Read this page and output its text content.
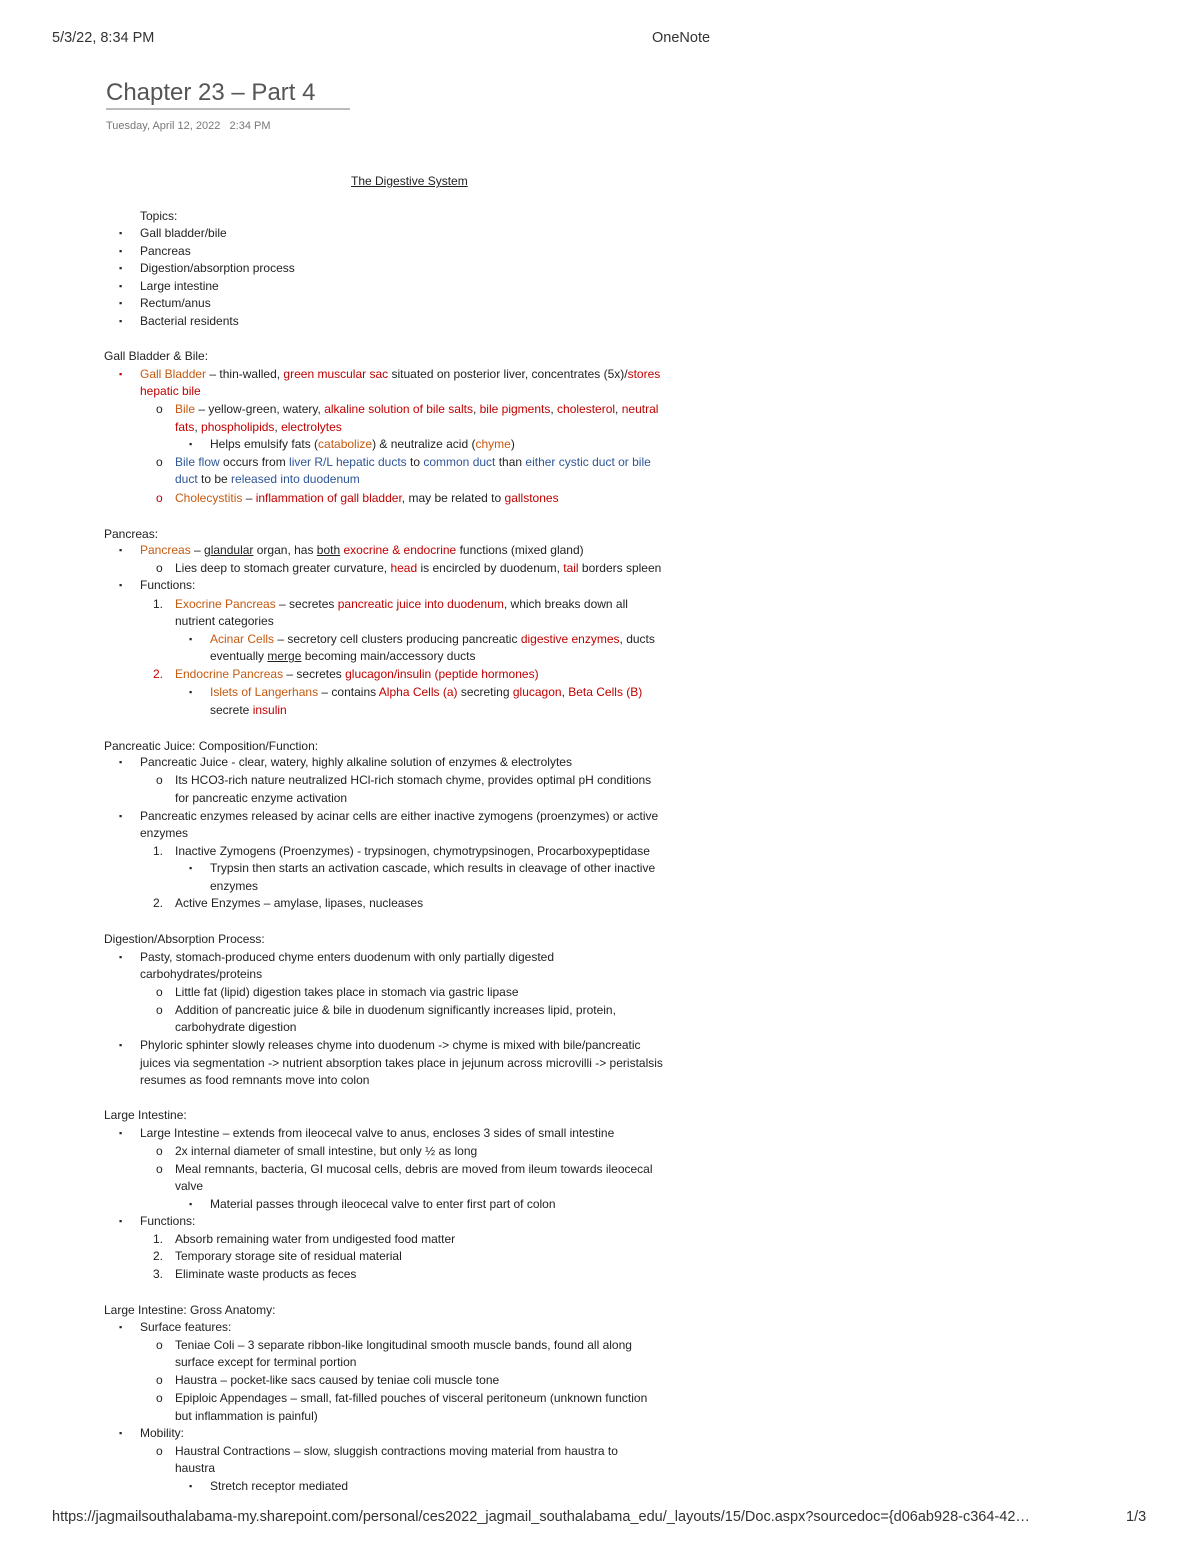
5/3/22, 8:34 PM	OneNote
Chapter 23 – Part 4
Tuesday, April 12, 2022 2:34 PM
The Digestive System
Topics:
▪ Gall bladder/bile
▪ Pancreas
▪ Digestion/absorption process
▪ Large intestine
▪ Rectum/anus
▪ Bacterial residents
Gall Bladder & Bile:
▪ Gall Bladder – thin-walled, green muscular sac situated on posterior liver, concentrates (5x)/stores
hepatic bile
o Bile – yellow-green, watery, alkaline solution of bile salts, bile pigments, cholesterol, neutral
fats, phospholipids, electrolytes
▪ Helps emulsify fats (catabolize) & neutralize acid (chyme)
o Bile flow occurs from liver R/L hepatic ducts to common duct than either cystic duct or bile
duct to be released into duodenum
o Cholecystitis – inflammation of gall bladder, may be related to gallstones
Pancreas:
▪ Pancreas – glandular organ, has both exocrine & endocrine functions (mixed gland)
o Lies deep to stomach greater curvature, head is encircled by duodenum, tail borders spleen
▪ Functions:
1. Exocrine Pancreas – secretes pancreatic juice into duodenum, which breaks down all
nutrient categories
▪ Acinar Cells – secretory cell clusters producing pancreatic digestive enzymes, ducts
eventually merge becoming main/accessory ducts
2. Endocrine Pancreas – secretes glucagon/insulin (peptide hormones)
▪ Islets of Langerhans – contains Alpha Cells (a) secreting glucagon, Beta Cells (B)
secrete insulin
Pancreatic Juice: Composition/Function:
▪ Pancreatic Juice - clear, watery, highly alkaline solution of enzymes & electrolytes
o Its HCO3-rich nature neutralized HCl-rich stomach chyme, provides optimal pH conditions
for pancreatic enzyme activation
▪ Pancreatic enzymes released by acinar cells are either inactive zymogens (proenzymes) or active
enzymes
1. Inactive Zymogens (Proenzymes) - trypsinogen, chymotrypsinogen, Procarboxypeptidase
▪ Trypsin then starts an activation cascade, which results in cleavage of other inactive
enzymes
2. Active Enzymes – amylase, lipases, nucleases
Digestion/Absorption Process:
▪ Pasty, stomach-produced chyme enters duodenum with only partially digested
carbohydrates/proteins
o Little fat (lipid) digestion takes place in stomach via gastric lipase
o Addition of pancreatic juice & bile in duodenum significantly increases lipid, protein,
carbohydrate digestion
▪ Phyloric sphinter slowly releases chyme into duodenum -> chyme is mixed with bile/pancreatic
juices via segmentation -> nutrient absorption takes place in jejunum across microvilli -> peristalsis
resumes as food remnants move into colon
Large Intestine:
▪ Large Intestine – extends from ileocecal valve to anus, encloses 3 sides of small intestine
o 2x internal diameter of small intestine, but only ½ as long
o Meal remnants, bacteria, GI mucosal cells, debris are moved from ileum towards ileocecal
valve
▪ Material passes through ileocecal valve to enter first part of colon
▪ Functions:
1. Absorb remaining water from undigested food matter
2. Temporary storage site of residual material
3. Eliminate waste products as feces
Large Intestine: Gross Anatomy:
▪ Surface features:
o Teniae Coli – 3 separate ribbon-like longitudinal smooth muscle bands, found all along
surface except for terminal portion
o Haustra – pocket-like sacs caused by teniae coli muscle tone
o Epiploic Appendages – small, fat-filled pouches of visceral peritoneum (unknown function
but inflammation is painful)
▪ Mobility:
o Haustral Contractions – slow, sluggish contractions moving material from haustra to
haustra
▪ Stretch receptor mediated
https://jagmailsouthalabama-my.sharepoint.com/personal/ces2022_jagmail_southalabama_edu/_layouts/15/Doc.aspx?sourcedoc={d06ab928-c364-42…	1/3
